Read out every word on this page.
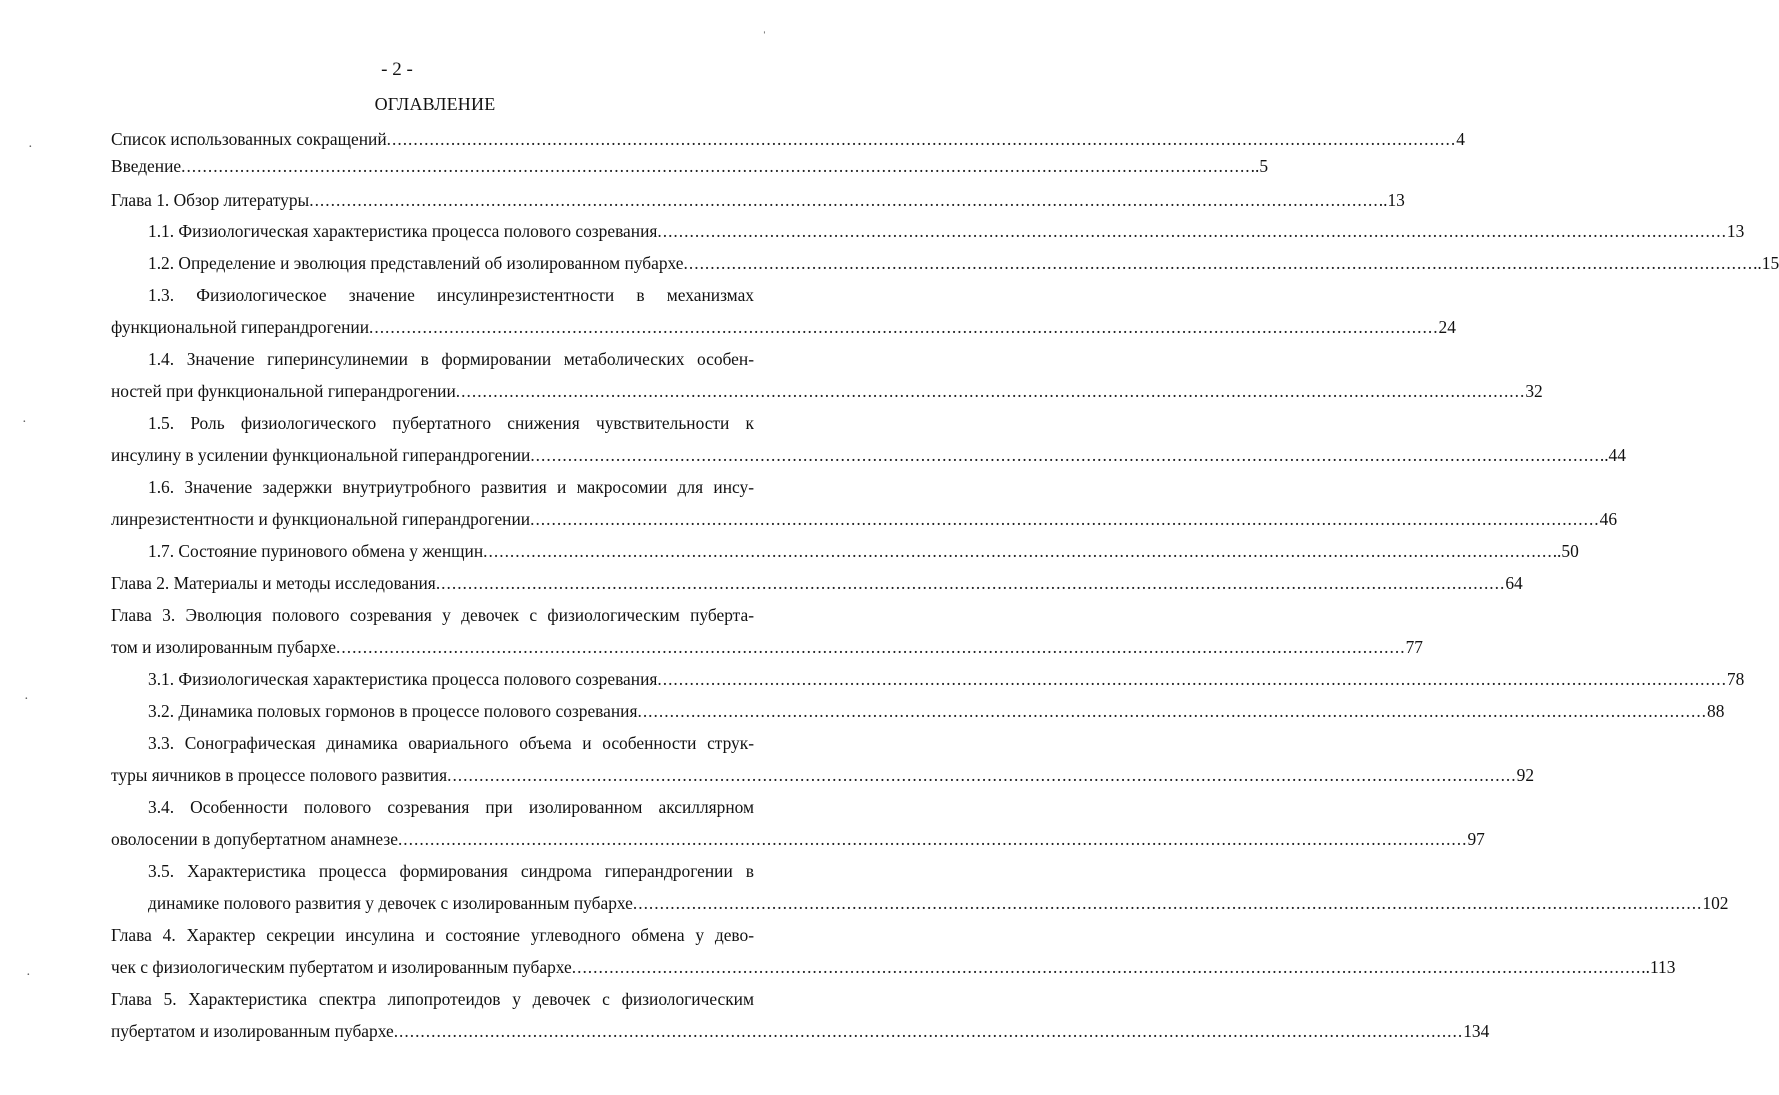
- 2 -
ОГЛАВЛЕНИЕ
Список использованных сокращений .....	4
Введение .....	..5
Глава 1. Обзор литературы .....	..13
1.1. Физиологическая характеристика процесса полового созревания .....	13
1.2. Определение и эволюция представлений об изолированном пубархе .....	..15
1.3. Физиологическое значение инсулинрезистентности в механизмах
функциональной гиперандрогении .....	24
1.4. Значение гиперинсулинемии в формировании метаболических особен-
ностей при функциональной гиперандрогении .....	32
1.5. Роль физиологического пубертатного снижения чувствительности к
инсулину в усилении функциональной гиперандрогении .....	..44
1.6. Значение задержки внутриутробного развития и макросомии для инсу-
линрезистентности и функциональной гиперандрогении .....	46
1.7. Состояние пуринового обмена у женщин .....	..50
Глава 2. Материалы и методы исследования .....	64
Глава 3. Эволюция полового созревания у девочек с физиологическим пуберта-
том и изолированным пубархе .....	77
3.1. Физиологическая характеристика процесса полового созревания .....	78
3.2. Динамика половых гормонов в процессе полового созревания .....	88
3.3. Сонографическая динамика овариального объема и особенности струк-
туры яичников в процессе полового развития .....	92
3.4. Особенности полового созревания при изолированном аксиллярном
оволосении в допубертатном анамнезе .....	97
3.5. Характеристика процесса формирования синдрома гиперандрогении в
динамике полового развития у девочек с изолированным пубархе .....	102
Глава 4. Характер секреции инсулина и состояние углеводного обмена у дево-
чек с физиологическим пубертатом и изолированным пубархе .....	..113
Глава 5. Характеристика спектра липопротеидов у девочек с физиологическим
пубертатом и изолированным пубархе .....	134
·
·
·
·
ˈ
